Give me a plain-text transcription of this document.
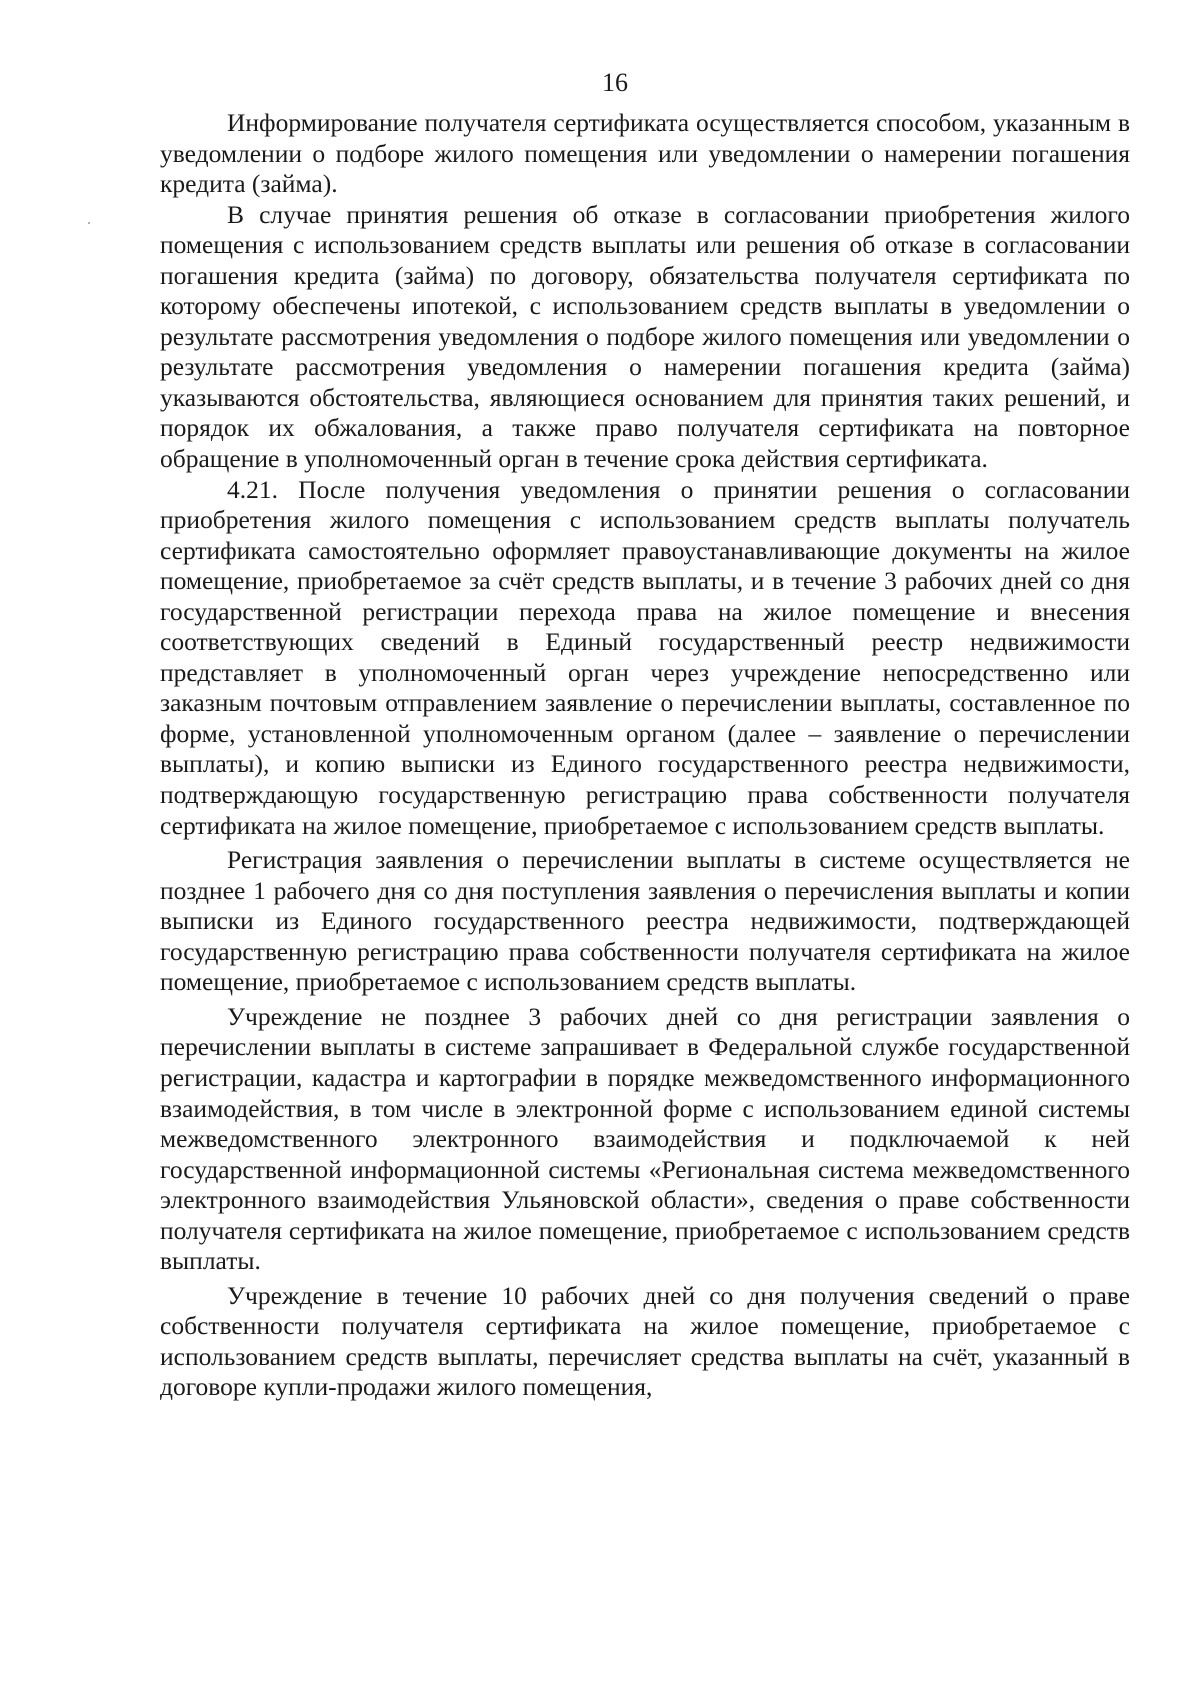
16

Информирование получателя сертификата осуществляется способом, указанным в уведомлении о подборе жилого помещения или уведомлении о намерении погашения кредита (займа).

В случае принятия решения об отказе в согласовании приобретения жилого помещения с использованием средств выплаты или решения об отказе в согласовании погашения кредита (займа) по договору, обязательства получателя сертификата по которому обеспечены ипотекой, с использованием средств выплаты в уведомлении о результате рассмотрения уведомления о подборе жилого помещения или уведомлении о результате рассмотрения уведомления о намерении погашения кредита (займа) указываются обстоятельства, являющиеся основанием для принятия таких решений, и порядок их обжалования, а также право получателя сертификата на повторное обращение в уполномоченный орган в течение срока действия сертификата.

4.21. После получения уведомления о принятии решения о согласовании приобретения жилого помещения с использованием средств выплаты получатель сертификата самостоятельно оформляет правоустанавливающие документы на жилое помещение, приобретаемое за счёт средств выплаты, и в течение 3 рабочих дней со дня государственной регистрации перехода права на жилое помещение и внесения соответствующих сведений в Единый государственный реестр недвижимости представляет в уполномоченный орган через учреждение непосредственно или заказным почтовым отправлением заявление о перечислении выплаты, составленное по форме, установленной уполномоченным органом (далее – заявление о перечислении выплаты), и копию выписки из Единого государственного реестра недвижимости, подтверждающую государственную регистрацию права собственности получателя сертификата на жилое помещение, приобретаемое с использованием средств выплаты.

Регистрация заявления о перечислении выплаты в системе осуществляется не позднее 1 рабочего дня со дня поступления заявления о перечисления выплаты и копии выписки из Единого государственного реестра недвижимости, подтверждающей государственную регистрацию права собственности получателя сертификата на жилое помещение, приобретаемое с использованием средств выплаты.

Учреждение не позднее 3 рабочих дней со дня регистрации заявления о перечислении выплаты в системе запрашивает в Федеральной службе государственной регистрации, кадастра и картографии в порядке межведомственного информационного взаимодействия, в том числе в электронной форме с использованием единой системы межведомственного электронного взаимодействия и подключаемой к ней государственной информационной системы «Региональная система межведомственного электронного взаимодействия Ульяновской области», сведения о праве собственности получателя сертификата на жилое помещение, приобретаемое с использованием средств выплаты.

Учреждение в течение 10 рабочих дней со дня получения сведений о праве собственности получателя сертификата на жилое помещение, приобретаемое с использованием средств выплаты, перечисляет средства выплаты на счёт, указанный в договоре купли-продажи жилого помещения,
